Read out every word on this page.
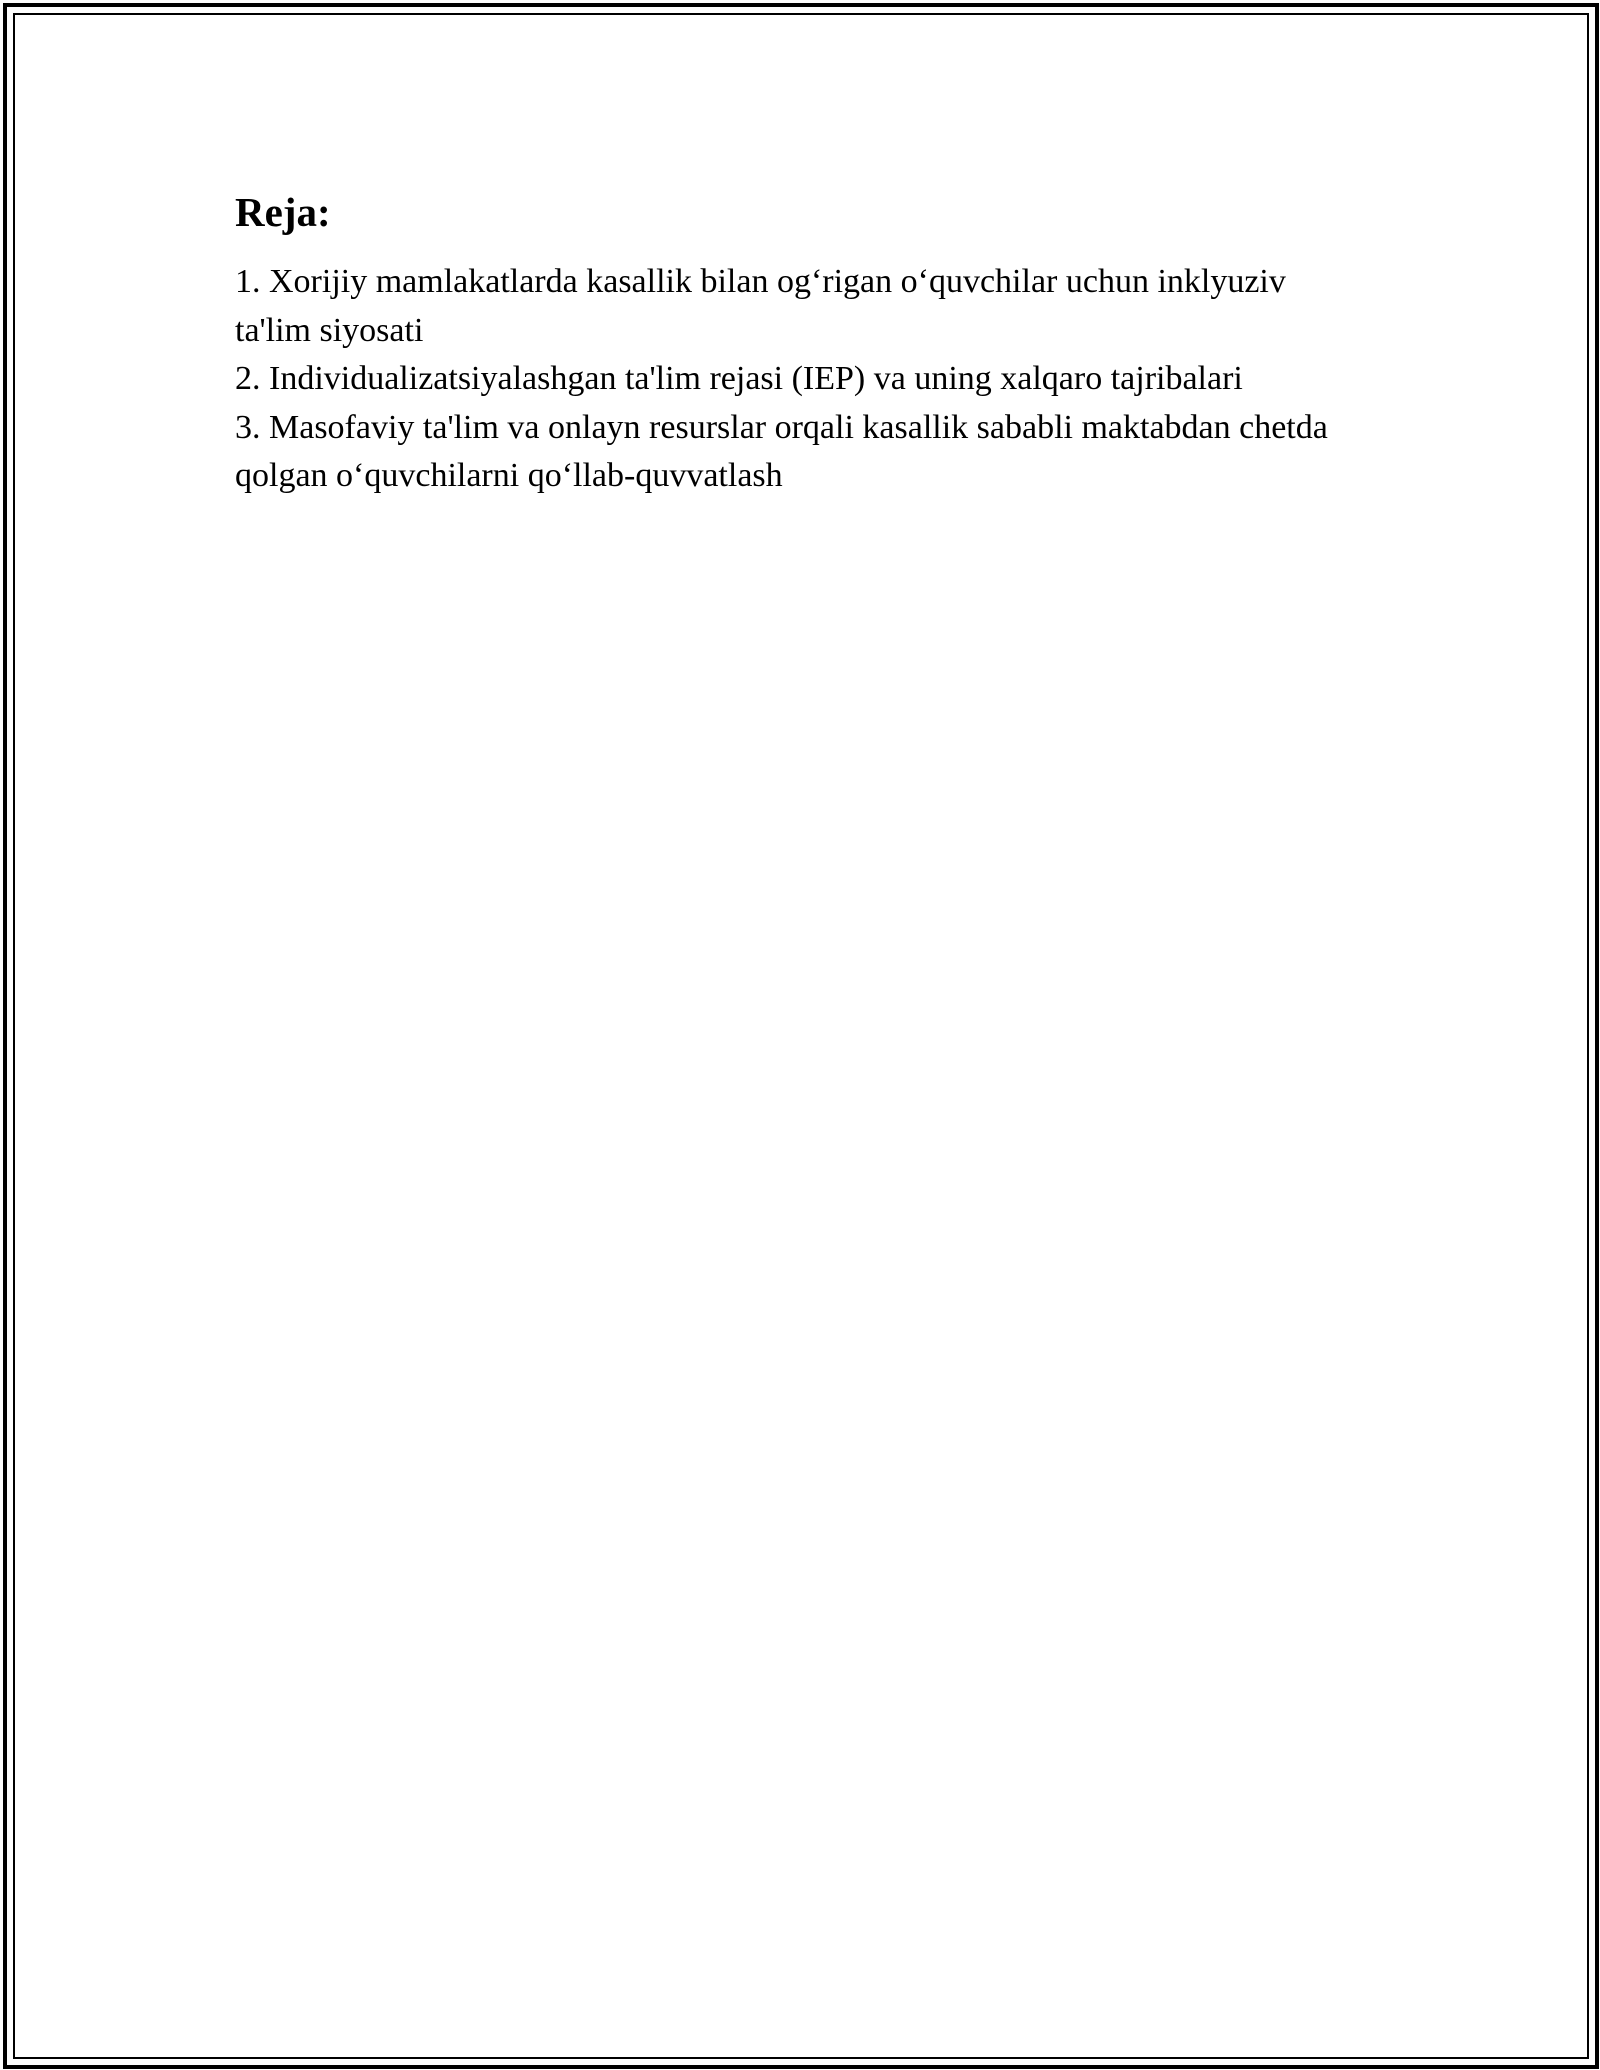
Reja:
1. Xorijiy mamlakatlarda kasallik bilan og‘rigan o‘quvchilar uchun inklyuziv ta'lim siyosati
2. Individualizatsiyalashgan ta'lim rejasi (IEP) va uning xalqaro tajribalari
3. Masofaviy ta'lim va onlayn resurslar orqali kasallik sababli maktabdan chetda qolgan o‘quvchilarni qo‘llab-quvvatlash
